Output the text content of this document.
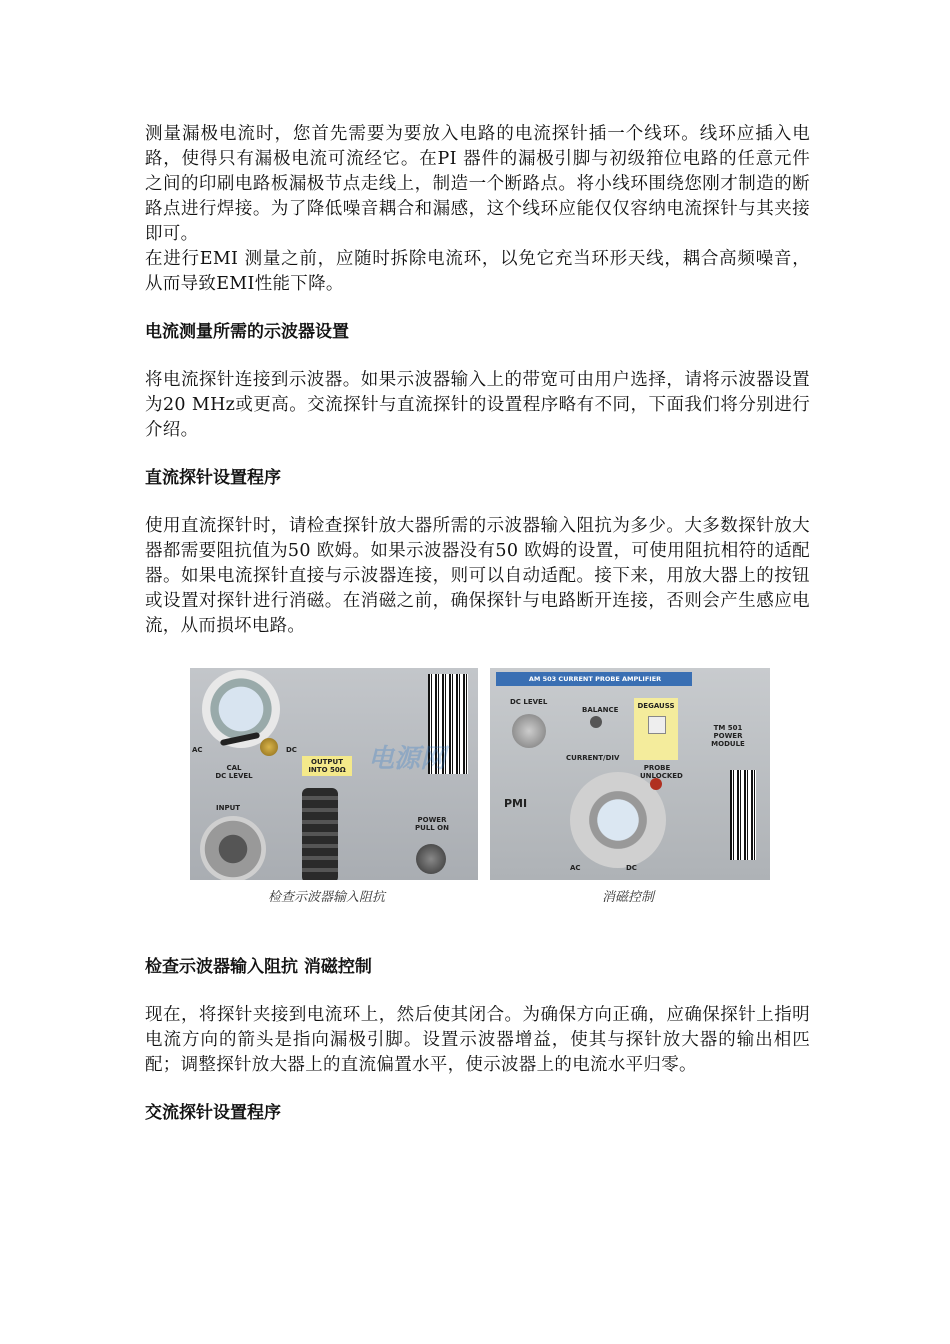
测量漏极电流时，您首先需要为要放入电路的电流探针插一个线环。线环应插入电路，使得只有漏极电流可流经它。在PI 器件的漏极引脚与初级箝位电路的任意元件之间的印刷电路板漏极节点走线上，制造一个断路点。将小线环围绕您刚才制造的断路点进行焊接。为了降低噪音耦合和漏感，这个线环应能仅仅容纳电流探针与其夹接即可。

在进行EMI 测量之前，应随时拆除电流环，以免它充当环形天线，耦合高频噪音，从而导致EMI性能下降。

电流测量所需的示波器设置

将电流探针连接到示波器。如果示波器输入上的带宽可由用户选择，请将示波器设置为20 MHz或更高。交流探针与直流探针的设置程序略有不同，下面我们将分别进行介绍。

直流探针设置程序

使用直流探针时，请检查探针放大器所需的示波器输入阻抗为多少。大多数探针放大器都需要阻抗值为50 欧姆。如果示波器没有50 欧姆的设置，可使用阻抗相符的适配器。如果电流探针直接与示波器连接，则可以自动适配。接下来，用放大器上的按钮或设置对探针进行消磁。在消磁之前，确保探针与电路断开连接，否则会产生感应电流，从而损坏电路。

AC	DC
CAL
DC LEVEL
OUTPUT
INTO 50Ω
INPUT
POWER
PULL ON
AM 503 CURRENT PROBE AMPLIFIER
DC LEVEL
BALANCE	DEGAUSS
CURRENT/DIV
PMI
PROBE
UNLOCKED
TM 501
POWER
MODULE
AC	DC
电源网
检查示波器输入阻抗	消磁控制
检查示波器输入阻抗 消磁控制

现在，将探针夹接到电流环上，然后使其闭合。为确保方向正确，应确保探针上指明电流方向的箭头是指向漏极引脚。设置示波器增益，使其与探针放大器的输出相匹配；调整探针放大器上的直流偏置水平，使示波器上的电流水平归零。

交流探针设置程序
